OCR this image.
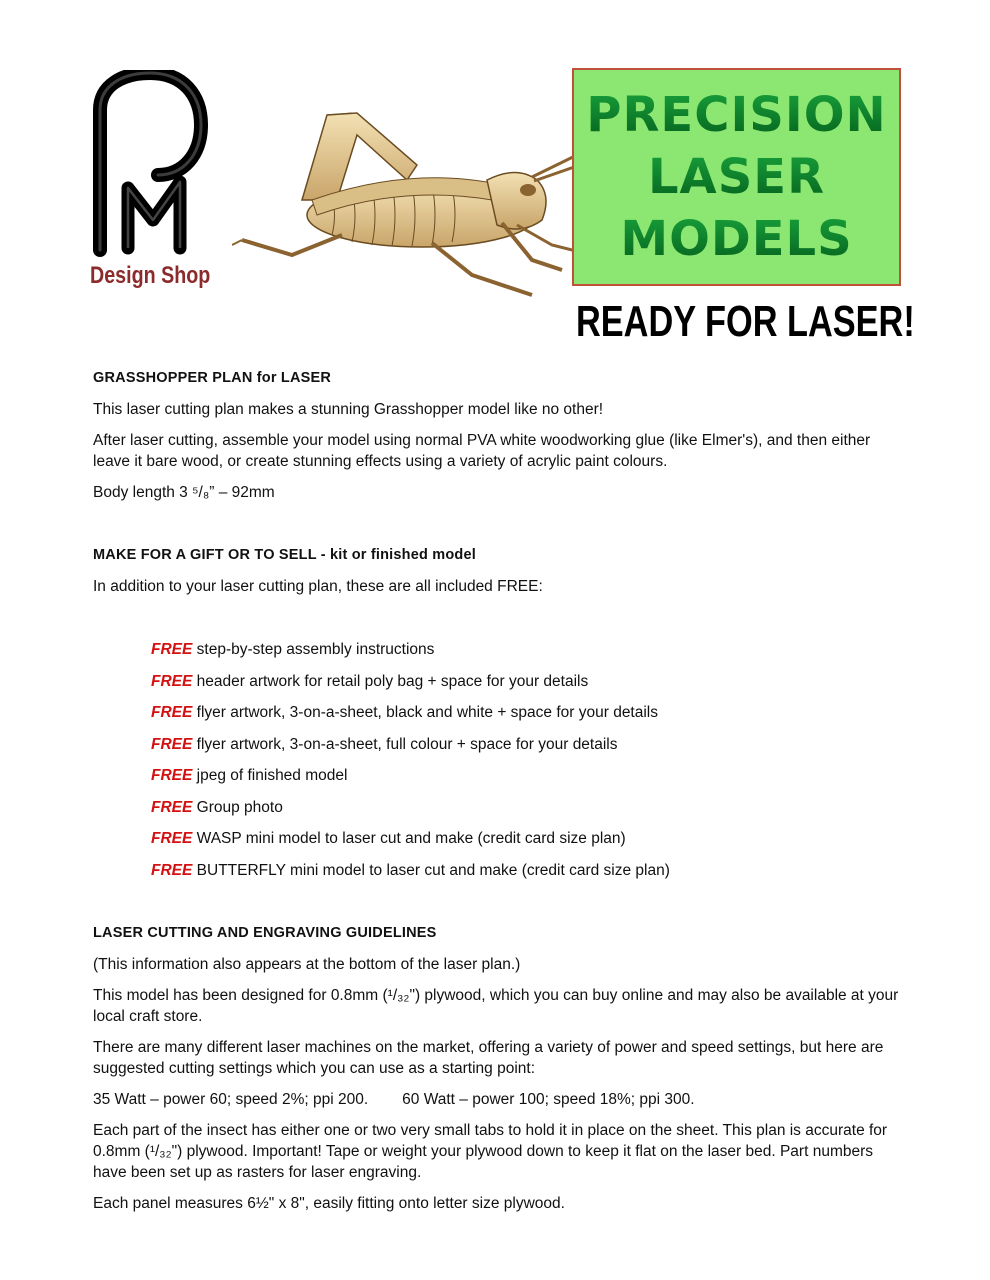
Design Shop
PRECISION
LASER
MODELS
READY FOR LASER!
GRASSHOPPER PLAN for LASER

This laser cutting plan makes a stunning Grasshopper model like no other!

After laser cutting, assemble your model using normal PVA white woodworking glue (like Elmer's), and then either leave it bare wood, or create stunning effects using a variety of acrylic paint colours.

Body length 3 ⁵/₈” – 92mm

MAKE FOR A GIFT OR TO SELL - kit or finished model

In addition to your laser cutting plan, these are all included FREE:

FREE step-by-step assembly instructions
FREE header artwork for retail poly bag + space for your details
FREE flyer artwork, 3-on-a-sheet, black and white + space for your details
FREE flyer artwork, 3-on-a-sheet, full colour + space for your details
FREE jpeg of finished model
FREE Group photo
FREE WASP mini model to laser cut and make (credit card size plan)
FREE BUTTERFLY mini model to laser cut and make (credit card size plan)
LASER CUTTING AND ENGRAVING GUIDELINES

(This information also appears at the bottom of the laser plan.)

This model has been designed for 0.8mm (¹/₃₂") plywood, which you can buy online and may also be available at your local craft store.

There are many different laser machines on the market, offering a variety of power and speed settings, but here are suggested cutting settings which you can use as a starting point:

35 Watt – power 60; speed 2%; ppi 200. 60 Watt – power 100; speed 18%; ppi 300.

Each part of the insect has either one or two very small tabs to hold it in place on the sheet. This plan is accurate for 0.8mm (¹/₃₂") plywood. Important! Tape or weight your plywood down to keep it flat on the laser bed. Part numbers have been set up as rasters for laser engraving.

Each panel measures 6½" x 8", easily fitting onto letter size plywood.
